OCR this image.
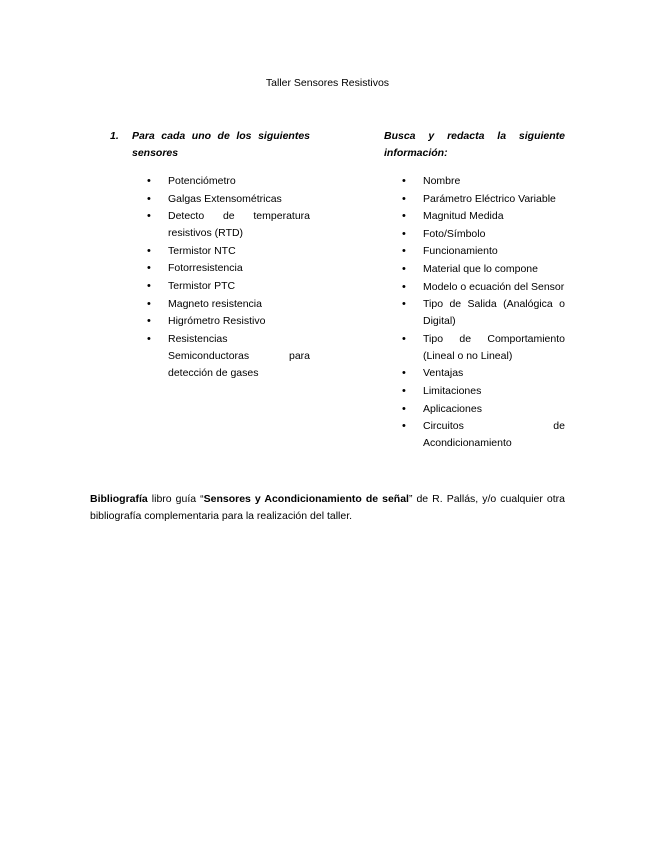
Taller Sensores Resistivos
1.	Para cada uno de los siguientes sensores
• Potenciómetro
• Galgas Extensométricas
• Detecto de temperatura resistivos (RTD)
• Termistor NTC
• Fotorresistencia
• Termistor PTC
• Magneto resistencia
• Higrómetro Resistivo
• Resistencias Semiconductoras para detección de gases
Busca y redacta la siguiente información:
• Nombre
• Parámetro Eléctrico Variable
• Magnitud Medida
• Foto/Símbolo
• Funcionamiento
• Material que lo compone
• Modelo o ecuación del Sensor
• Tipo de Salida (Analógica o Digital)
• Tipo de Comportamiento (Lineal o no Lineal)
• Ventajas
• Limitaciones
• Aplicaciones
• Circuitos de Acondicionamiento
Bibliografía libro guía “Sensores y Acondicionamiento de señal” de R. Pallás, y/o cualquier otra bibliografía complementaria para la realización del taller.
